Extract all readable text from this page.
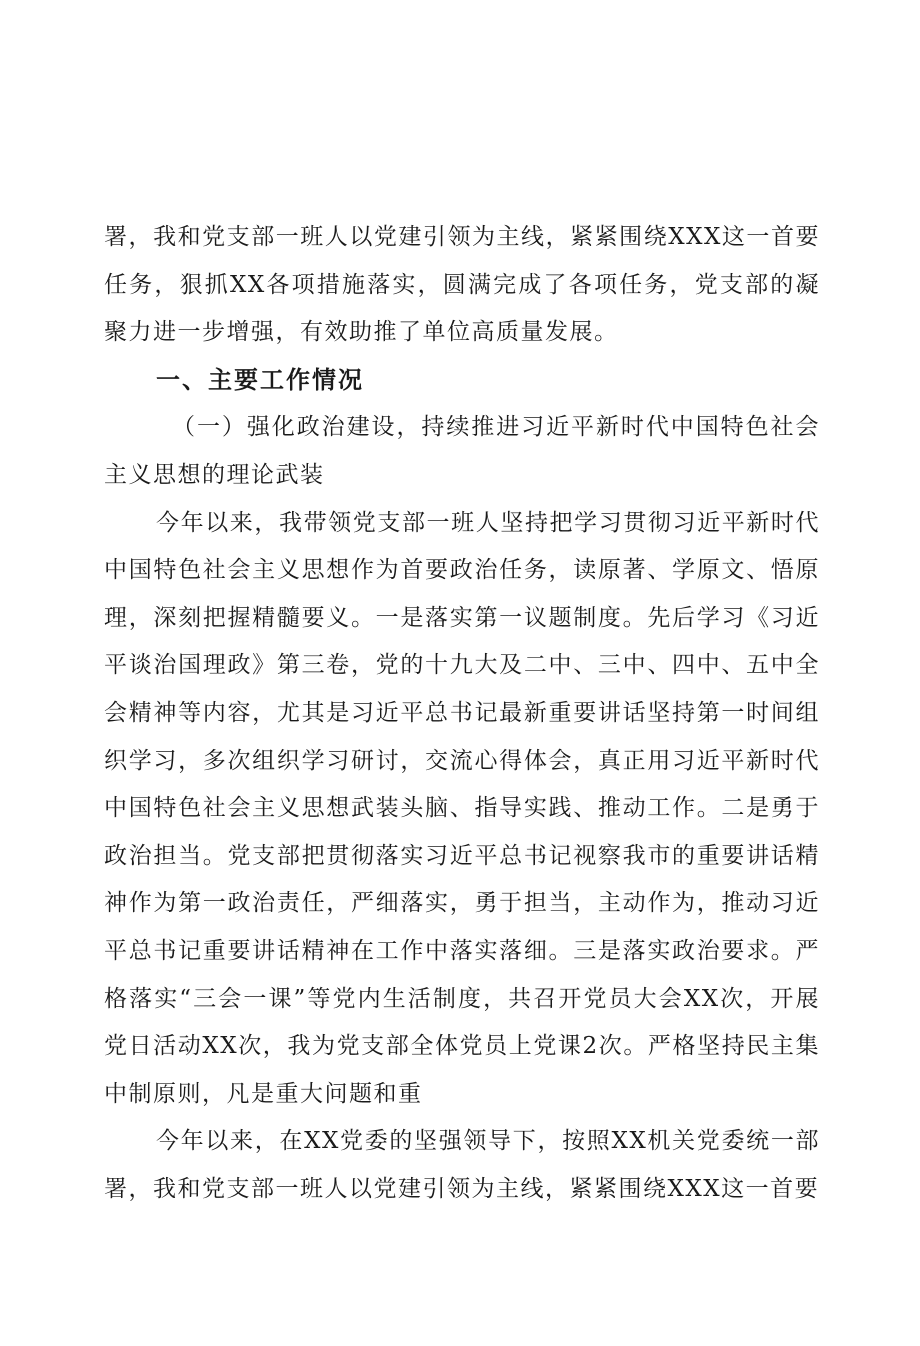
署，我和党支部一班人以党建引领为主线，紧紧围绕XXX这一首要任务，狠抓XX各项措施落实，圆满完成了各项任务，党支部的凝聚力进一步增强，有效助推了单位高质量发展。

一、主要工作情况

（一）强化政治建设，持续推进习近平新时代中国特色社会主义思想的理论武装

今年以来，我带领党支部一班人坚持把学习贯彻习近平新时代中国特色社会主义思想作为首要政治任务，读原著、学原文、悟原理，深刻把握精髓要义。一是落实第一议题制度。先后学习《习近平谈治国理政》第三卷，党的十九大及二中、三中、四中、五中全会精神等内容，尤其是习近平总书记最新重要讲话坚持第一时间组织学习，多次组织学习研讨，交流心得体会，真正用习近平新时代中国特色社会主义思想武装头脑、指导实践、推动工作。二是勇于政治担当。党支部把贯彻落实习近平总书记视察我市的重要讲话精神作为第一政治责任，严细落实，勇于担当，主动作为，推动习近平总书记重要讲话精神在工作中落实落细。三是落实政治要求。严格落实“三会一课”等党内生活制度，共召开党员大会XX次，开展党日活动XX次，我为党支部全体党员上党课2次。严格坚持民主集中制原则，凡是重大问题和重

今年以来，在XX党委的坚强领导下，按照XX机关党委统一部署，我和党支部一班人以党建引领为主线，紧紧围绕XXX这一首要
